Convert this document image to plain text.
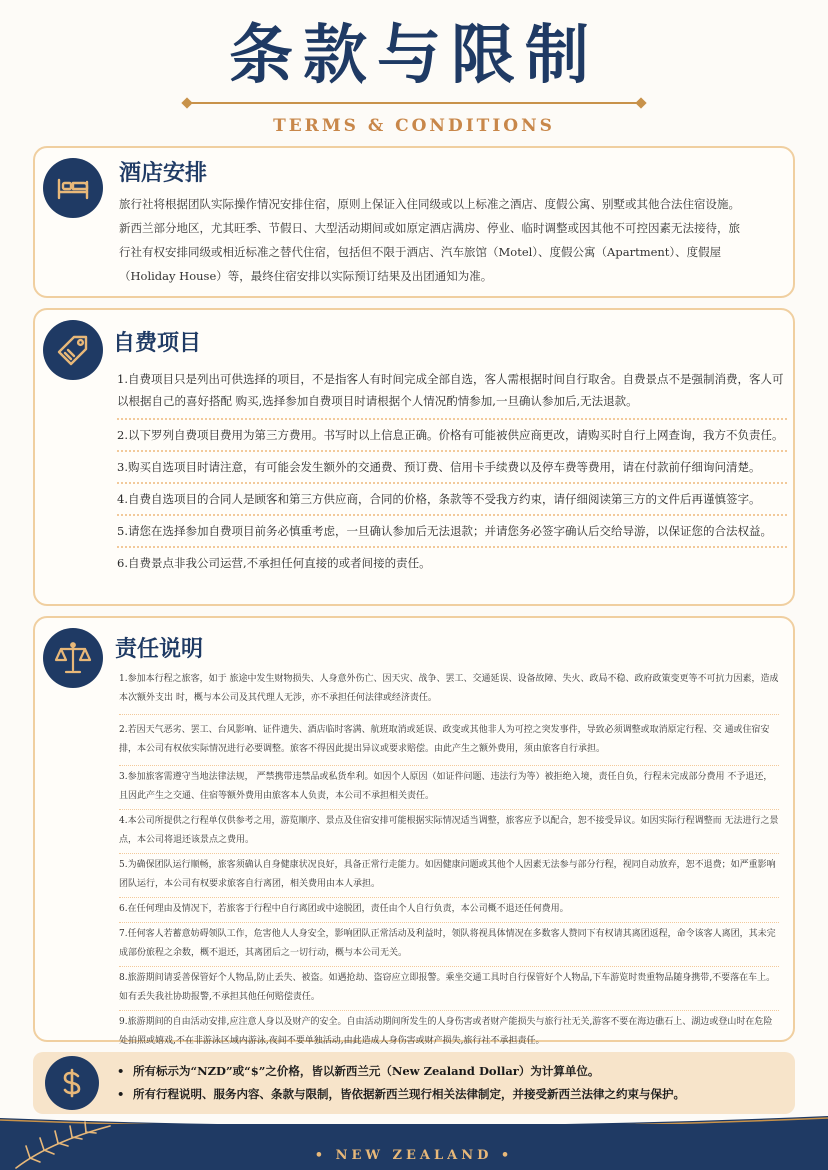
条款与限制
TERMS & CONDITIONS
酒店安排

旅行社将根据团队实际操作情况安排住宿，原则上保证入住同级或以上标准之酒店、度假公寓、别墅或其他合法住宿设施。

新西兰部分地区，尤其旺季、节假日、大型活动期间或如原定酒店满房、停业、临时调整或因其他不可控因素无法接待，旅

行社有权安排同级或相近标准之替代住宿，包括但不限于酒店、汽车旅馆（Motel）、度假公寓（Apartment）、度假屋

（Holiday House）等，最终住宿安排以实际预订结果及出团通知为准。

自费项目
1.自费项目只是列出可供选择的项目，不是指客人有时间完成全部自选，客人需根据时间自行取舍。自费景点不是强制消费，客人可以根据自己的喜好搭配 购买,选择参加自费项目时请根据个人情况酌情参加,一旦确认参加后,无法退款。
2.以下罗列自费项目费用为第三方费用。书写时以上信息正确。价格有可能被供应商更改，请购买时自行上网查询，我方不负责任。
3.购买自选项目时请注意，有可能会发生额外的交通费、预订费、信用卡手续费以及停车费等费用，请在付款前仔细询问清楚。
4.自费自选项目的合同人是顾客和第三方供应商，合同的价格，条款等不受我方约束，请仔细阅读第三方的文件后再谨慎签字。
5.请您在选择参加自费项目前务必慎重考虑，一旦确认参加后无法退款；并请您务必签字确认后交给导游，以保证您的合法权益。
6.自费景点非我公司运营,不承担任何直接的或者间接的责任。
责任说明
1.参加本行程之旅客，如于 旅途中发生财物损失、人身意外伤亡、因天灾、战争、罢工、交通延误、设备故障、失火、政局不稳、政府政策变更等不可抗力因素，造成本次额外支出 时，概与本公司及其代理人无涉，亦不承担任何法律或经济责任。
2.若因天气恶劣、罢工、台风影响、证件遗失、酒店临时客满、航班取消或延误、政变或其他非人为可控之突发事件，导致必须调整或取消原定行程、交 通或住宿安排，本公司有权依实际情况进行必要调整。旅客不得因此提出异议或要求赔偿。由此产生之额外费用，须由旅客自行承担。
3.参加旅客需遵守当地法律法规， 严禁携带违禁品或私货牟利。如因个人原因（如证件问题、违法行为等）被拒绝入境，责任自负，行程未完成部分费用 不予退还，且因此产生之交通、住宿等额外费用由旅客本人负责，本公司不承担相关责任。
4.本公司所提供之行程单仅供参考之用，游览顺序、景点及住宿安排可能根据实际情况适当调整，旅客应予以配合，恕不接受异议。如因实际行程调整而 无法进行之景点，本公司将退还该景点之费用。
5.为确保团队运行顺畅，旅客须确认自身健康状况良好，具备正常行走能力。如因健康问题或其他个人因素无法参与部分行程，视同自动放弃，恕不退费；如严重影响团队运行，本公司有权要求旅客自行离团，相关费用由本人承担。
6.在任何理由及情况下，若旅客于行程中自行离团或中途脱团，责任由个人自行负责，本公司概不退还任何费用。
7.任何客人若蓄意妨碍领队工作，危害他人人身安全，影响团队正常活动及利益时，领队将视具体情况在多数客人赞同下有权请其离团返程，命令该客人离团，其未完成部份旅程之余数，概不退还，其离团后之一切行动，概与本公司无关。
8.旅游期间请妥善保管好个人物品,防止丢失、被盗。如遇抢劫、盗窃应立即报警。乘坐交通工具时自行保管好个人物品,下车游览时贵重物品随身携带,不要落在车上。如有丢失我社协助报警,不承担其他任何赔偿责任。
9.旅游期间的自由活动安排,应注意人身以及财产的安全。自由活动期间所发生的人身伤害或者财产能损失与旅行社无关,游客不要在海边礁石上、湖边或登山时在危险处拍照或嬉戏,不在非游泳区域内游泳,夜间不要单独活动,由此造成人身伤害或财产损失,旅行社不承担责任。
• 所有标示为“NZD”或“$”之价格，皆以新西兰元（New Zealand Dollar）为计算单位。
• 所有行程说明、服务内容、条款与限制，皆依据新西兰现行相关法律制定，并接受新西兰法律之约束与保护。
• NEW ZEALAND •
